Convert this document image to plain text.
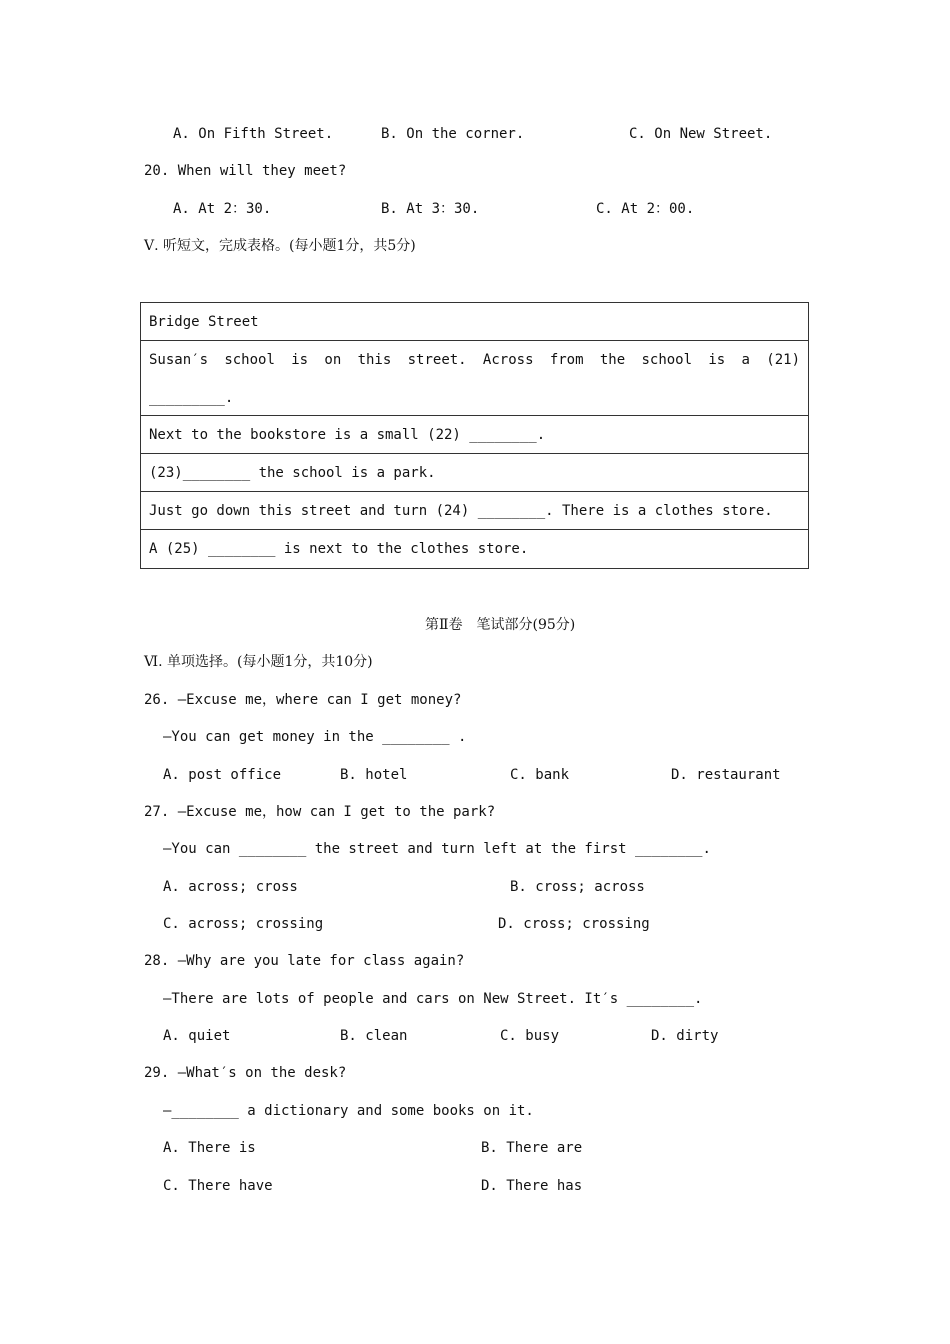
A. On Fifth Street.	B. On the corner.	C. On New Street.
20. When will they meet?
A. At 2：30.	B. At 3：30.	C. At 2：00.
Ⅴ. 听短文，完成表格。(每小题1分，共5分)
Bridge Street
Susan′s school is on this street. Across from the school is a (21)
_________.
Next to the bookstore is a small (22) ________.
(23)________ the school is a park.
Just go down this street and turn (24) ________. There is a clothes store.
A (25) ________ is next to the clothes store.
第Ⅱ卷　笔试部分(95分)
Ⅵ. 单项选择。(每小题1分，共10分)
26. —Excuse me，where can I get money?
—You can get money in the ________ .
A. post office	B. hotel	C. bank	D. restaurant
27. —Excuse me，how can I get to the park?
—You can ________ the street and turn left at the first ________.
A. across; cross	B. cross; across
C. across; crossing	D. cross; crossing
28. —Why are you late for class again?
—There are lots of people and cars on New Street. It′s ________.
A. quiet	B. clean	C. busy	D. dirty
29. —What′s on the desk?
—________ a dictionary and some books on it.
A. There is	B. There are
C. There have	D. There has
